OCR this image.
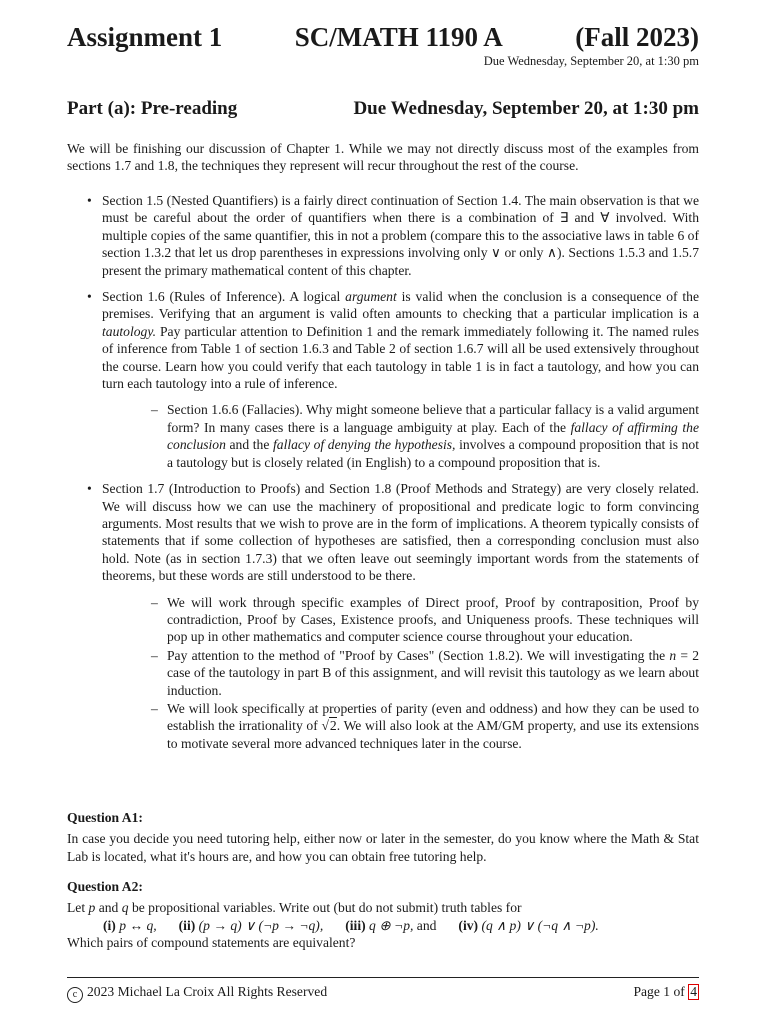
Assignment 1	SC/MATH 1190 A	(Fall 2023)
Due Wednesday, September 20, at 1:30 pm
Part (a): Pre-reading	Due Wednesday, September 20, at 1:30 pm
We will be finishing our discussion of Chapter 1. While we may not directly discuss most of the examples from sections 1.7 and 1.8, the techniques they represent will recur throughout the rest of the course.
• Section 1.5 (Nested Quantifiers) is a fairly direct continuation of Section 1.4. The main observation is that we must be careful about the order of quantifiers when there is a combination of ∃ and ∀ involved. With multiple copies of the same quantifier, this in not a problem (compare this to the associative laws in table 6 of section 1.3.2 that let us drop parentheses in expressions involving only ∨ or only ∧). Sections 1.5.3 and 1.5.7 present the primary mathematical content of this chapter.
• Section 1.6 (Rules of Inference). A logical argument is valid when the conclusion is a consequence of the premises. Verifying that an argument is valid often amounts to checking that a particular implication is a tautology. Pay particular attention to Definition 1 and the remark immediately following it. The named rules of inference from Table 1 of section 1.6.3 and Table 2 of section 1.6.7 will all be used extensively throughout the course. Learn how you could verify that each tautology in table 1 is in fact a tautology, and how you can turn each tautology into a rule of inference.
– Section 1.6.6 (Fallacies). Why might someone believe that a particular fallacy is a valid argument form? In many cases there is a language ambiguity at play. Each of the fallacy of affirming the conclusion and the fallacy of denying the hypothesis, involves a compound proposition that is not a tautology but is closely related (in English) to a compound proposition that is.
• Section 1.7 (Introduction to Proofs) and Section 1.8 (Proof Methods and Strategy) are very closely related. We will discuss how we can use the machinery of propositional and predicate logic to form convincing arguments. Most results that we wish to prove are in the form of implications. A theorem typically consists of statements that if some collection of hypotheses are satisfied, then a corresponding conclusion must also hold. Note (as in section 1.7.3) that we often leave out seemingly important words from the statements of theorems, but these words are still understood to be there.
– We will work through specific examples of Direct proof, Proof by contraposition, Proof by contradiction, Proof by Cases, Existence proofs, and Uniqueness proofs. These techniques will pop up in other mathematics and computer science course throughout your education.
– Pay attention to the method of "Proof by Cases" (Section 1.8.2). We will investigating the n = 2 case of the tautology in part B of this assignment, and will revisit this tautology as we learn about induction.
– We will look specifically at properties of parity (even and oddness) and how they can be used to establish the irrationality of √2. We will also look at the AM/GM property, and use its extensions to motivate several more advanced techniques later in the course.
Question A1:
In case you decide you need tutoring help, either now or later in the semester, do you know where the Math & Stat Lab is located, what it's hours are, and how you can obtain free tutoring help.
Question A2:
Let p and q be propositional variables. Write out (but do not submit) truth tables for
(i) p ↔ q, (ii) (p → q) ∨ (¬p → ¬q), (iii) q ⊕ ¬p, and (iv) (q ∧ p) ∨ (¬q ∧ ¬p).
Which pairs of compound statements are equivalent?
c 2023 Michael La Croix All Rights Reserved	Page 1 of 4
